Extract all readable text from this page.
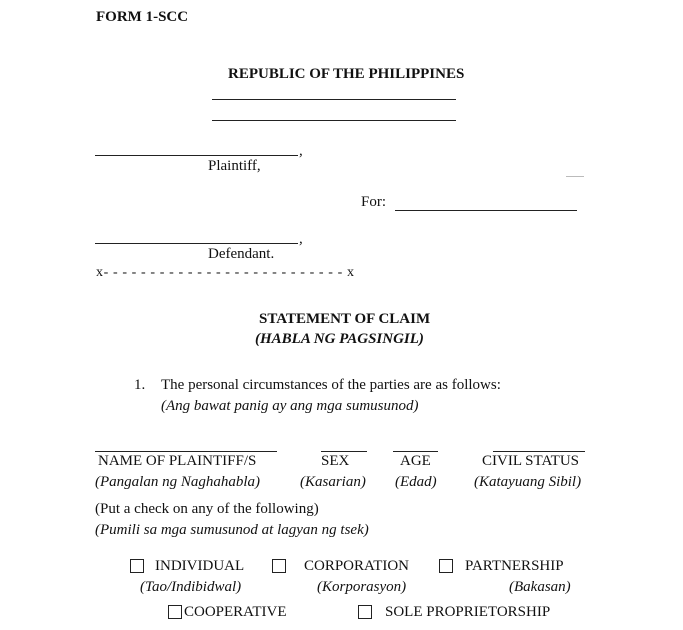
FORM 1-SCC
REPUBLIC OF THE PHILIPPINES
,
Plaintiff,
For:
,
Defendant.
x- - - - - - - - - - - - - - - - - - - - - - - - - - x
STATEMENT OF CLAIM
(HABLA NG PAGSINGIL)
1. The personal circumstances of the parties are as follows:
(Ang bawat panig ay ang mga sumusunod)
NAME OF PLAINTIFF/S
(Pangalan ng Naghahabla)
SEX
(Kasarian)
AGE
(Edad)
CIVIL STATUS
(Katayuang Sibil)
(Put a check on any of the following)
(Pumili sa mga sumusunod at lagyan ng tsek)
INDIVIDUAL
(Tao/Indibidwal)
CORPORATION
(Korporasyon)
PARTNERSHIP
(Bakasan)
COOPERATIVE	SOLE PROPRIETORSHIP
